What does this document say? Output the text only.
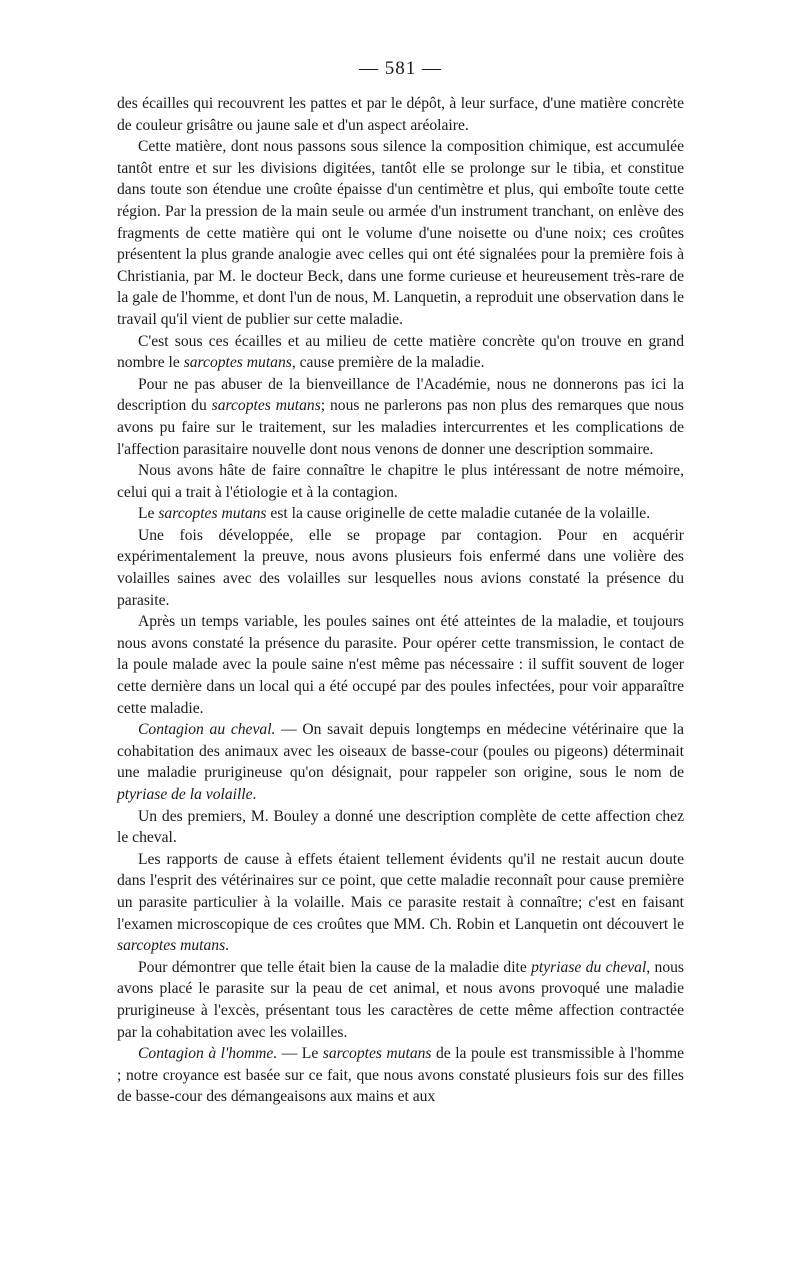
— 581 —

des écailles qui recouvrent les pattes et par le dépôt, à leur surface, d'une matière concrète de couleur grisâtre ou jaune sale et d'un aspect aréolaire.

Cette matière, dont nous passons sous silence la composition chimique, est accumulée tantôt entre et sur les divisions digitées, tantôt elle se prolonge sur le tibia, et constitue dans toute son étendue une croûte épaisse d'un centimètre et plus, qui emboîte toute cette région. Par la pression de la main seule ou armée d'un instrument tranchant, on enlève des fragments de cette matière qui ont le volume d'une noisette ou d'une noix; ces croûtes présentent la plus grande analogie avec celles qui ont été signalées pour la première fois à Christiania, par M. le docteur Beck, dans une forme curieuse et heureusement très-rare de la gale de l'homme, et dont l'un de nous, M. Lanquetin, a reproduit une observation dans le travail qu'il vient de publier sur cette maladie.

C'est sous ces écailles et au milieu de cette matière concrète qu'on trouve en grand nombre le sarcoptes mutans, cause première de la maladie.

Pour ne pas abuser de la bienveillance de l'Académie, nous ne donnerons pas ici la description du sarcoptes mutans; nous ne parlerons pas non plus des remarques que nous avons pu faire sur le traitement, sur les maladies intercurrentes et les complications de l'affection parasitaire nouvelle dont nous venons de donner une description sommaire.

Nous avons hâte de faire connaître le chapitre le plus intéressant de notre mémoire, celui qui a trait à l'étiologie et à la contagion.

Le sarcoptes mutans est la cause originelle de cette maladie cutanée de la volaille.

Une fois développée, elle se propage par contagion. Pour en acquérir expérimentalement la preuve, nous avons plusieurs fois enfermé dans une volière des volailles saines avec des volailles sur lesquelles nous avions constaté la présence du parasite.

Après un temps variable, les poules saines ont été atteintes de la maladie, et toujours nous avons constaté la présence du parasite. Pour opérer cette transmission, le contact de la poule malade avec la poule saine n'est même pas nécessaire : il suffit souvent de loger cette dernière dans un local qui a été occupé par des poules infectées, pour voir apparaître cette maladie.

Contagion au cheval. — On savait depuis longtemps en médecine vétérinaire que la cohabitation des animaux avec les oiseaux de basse-cour (poules ou pigeons) déterminait une maladie prurigineuse qu'on désignait, pour rappeler son origine, sous le nom de ptyriase de la volaille.

Un des premiers, M. Bouley a donné une description complète de cette affection chez le cheval.

Les rapports de cause à effets étaient tellement évidents qu'il ne restait aucun doute dans l'esprit des vétérinaires sur ce point, que cette maladie reconnaît pour cause première un parasite particulier à la volaille. Mais ce parasite restait à connaître; c'est en faisant l'examen microscopique de ces croûtes que MM. Ch. Robin et Lanquetin ont découvert le sarcoptes mutans.

Pour démontrer que telle était bien la cause de la maladie dite ptyriase du cheval, nous avons placé le parasite sur la peau de cet animal, et nous avons provoqué une maladie prurigineuse à l'excès, présentant tous les caractères de cette même affection contractée par la cohabitation avec les volailles.

Contagion à l'homme. — Le sarcoptes mutans de la poule est transmissible à l'homme ; notre croyance est basée sur ce fait, que nous avons constaté plusieurs fois sur des filles de basse-cour des démangeaisons aux mains et aux
